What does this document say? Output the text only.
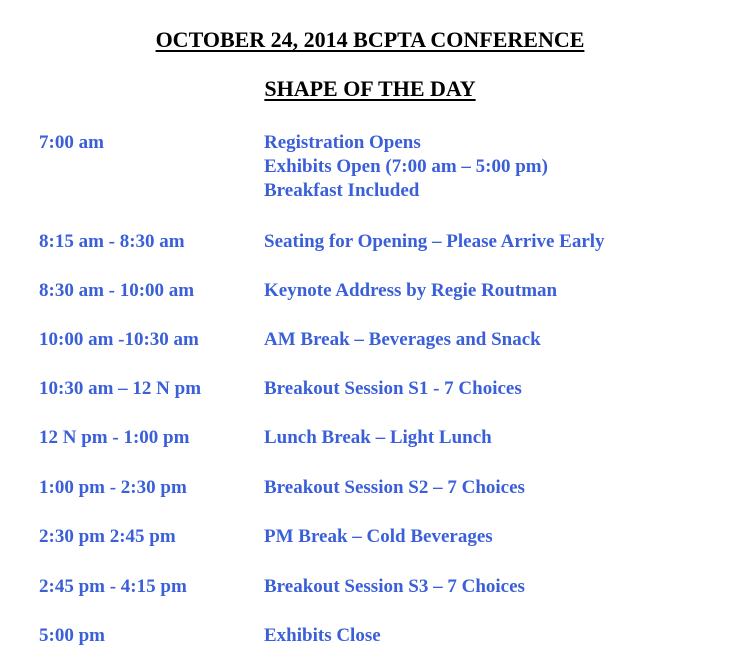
OCTOBER 24, 2014 BCPTA CONFERENCE
SHAPE OF THE DAY
7:00 am	Registration Opens
Exhibits Open (7:00 am – 5:00 pm)
Breakfast Included
8:15 am - 8:30 am	Seating for Opening – Please Arrive Early
8:30 am - 10:00 am	Keynote Address by Regie Routman
10:00 am -10:30 am	AM Break – Beverages and Snack
10:30 am – 12 N pm	Breakout Session S1 - 7 Choices
12 N pm - 1:00 pm	Lunch Break – Light Lunch
1:00 pm - 2:30 pm	Breakout Session S2 – 7 Choices
2:30 pm 2:45 pm	PM Break – Cold Beverages
2:45 pm - 4:15 pm	Breakout Session S3 – 7 Choices
5:00 pm	Exhibits Close
